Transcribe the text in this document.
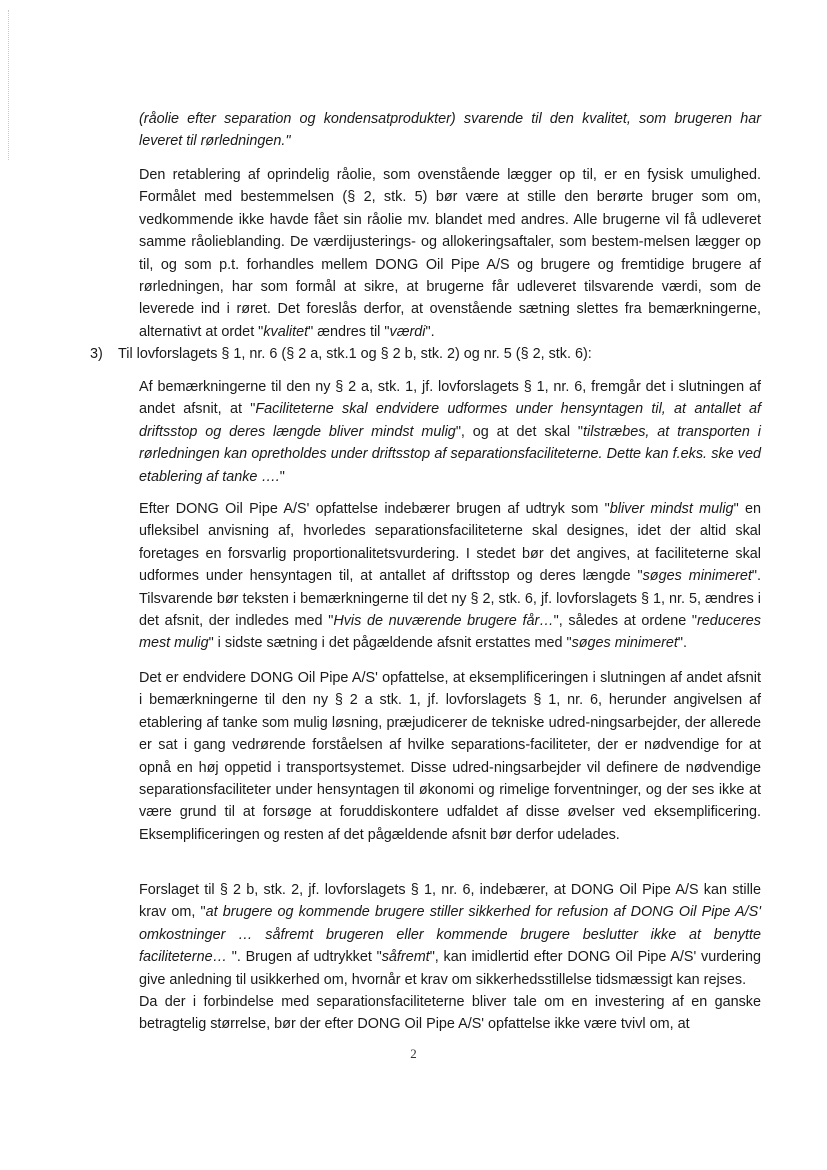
(råolie efter separation og kondensatprodukter) svarende til den kvalitet, som brugeren har leveret til rørledningen."

Den retablering af oprindelig råolie, som ovenstående lægger op til, er en fysisk umulighed. Formålet med bestemmelsen (§ 2, stk. 5) bør være at stille den berørte bruger som om, vedkommende ikke havde fået sin råolie mv. blandet med andres. Alle brugerne vil få udleveret samme råolieblanding. De værdijusterings- og allokeringsaftaler, som bestem-melsen lægger op til, og som p.t. forhandles mellem DONG Oil Pipe A/S og brugere og fremtidige brugere af rørledningen, har som formål at sikre, at brugerne får udleveret tilsvarende værdi, som de leverede ind i røret. Det foreslås derfor, at ovenstående sætning slettes fra bemærkningerne, alternativt at ordet "kvalitet" ændres til "værdi".

3) Til lovforslagets § 1, nr. 6 (§ 2 a, stk.1 og § 2 b, stk. 2) og nr. 5 (§ 2, stk. 6):

Af bemærkningerne til den ny § 2 a, stk. 1, jf. lovforslagets § 1, nr. 6, fremgår det i slutningen af andet afsnit, at "Faciliteterne skal endvidere udformes under hensyntagen til, at antallet af driftsstop og deres længde bliver mindst mulig", og at det skal "tilstræbes, at transporten i rørledningen kan opretholdes under driftsstop af separationsfaciliteterne. Dette kan f.eks. ske ved etablering af tanke …."

Efter DONG Oil Pipe A/S' opfattelse indebærer brugen af udtryk som "bliver mindst mulig" en ufleksibel anvisning af, hvorledes separationsfaciliteterne skal designes, idet der altid skal foretages en forsvarlig proportionalitetsvurdering. I stedet bør det angives, at faciliteterne skal udformes under hensyntagen til, at antallet af driftsstop og deres længde "søges minimeret". Tilsvarende bør teksten i bemærkningerne til det ny § 2, stk. 6, jf. lovforslagets § 1, nr. 5, ændres i det afsnit, der indledes med "Hvis de nuværende brugere får…", således at ordene "reduceres mest mulig" i sidste sætning i det pågældende afsnit erstattes med "søges minimeret".

Det er endvidere DONG Oil Pipe A/S' opfattelse, at eksemplificeringen i slutningen af andet afsnit i bemærkningerne til den ny § 2 a stk. 1, jf. lovforslagets § 1, nr. 6, herunder angivelsen af etablering af tanke som mulig løsning, præjudicerer de tekniske udred-ningsarbejder, der allerede er sat i gang vedrørende forståelsen af hvilke separations-faciliteter, der er nødvendige for at opnå en høj oppetid i transportsystemet. Disse udred-ningsarbejder vil definere de nødvendige separationsfaciliteter under hensyntagen til økonomi og rimelige forventninger, og der ses ikke at være grund til at forsøge at foruddiskontere udfaldet af disse øvelser ved eksemplificering. Eksemplificeringen og resten af det pågældende afsnit bør derfor udelades.

Forslaget til § 2 b, stk. 2, jf. lovforslagets § 1, nr. 6, indebærer, at DONG Oil Pipe A/S kan stille krav om, "at brugere og kommende brugere stiller sikkerhed for refusion af DONG Oil Pipe A/S' omkostninger … såfremt brugeren eller kommende brugere beslutter ikke at benytte faciliteterne… ". Brugen af udtrykket "såfremt", kan imidlertid efter DONG Oil Pipe A/S' vurdering give anledning til usikkerhed om, hvornår et krav om sikkerhedsstillelse tidsmæssigt kan rejses.

Da der i forbindelse med separationsfaciliteterne bliver tale om en investering af en ganske betragtelig størrelse, bør der efter DONG Oil Pipe A/S' opfattelse ikke være tvivl om, at

2
